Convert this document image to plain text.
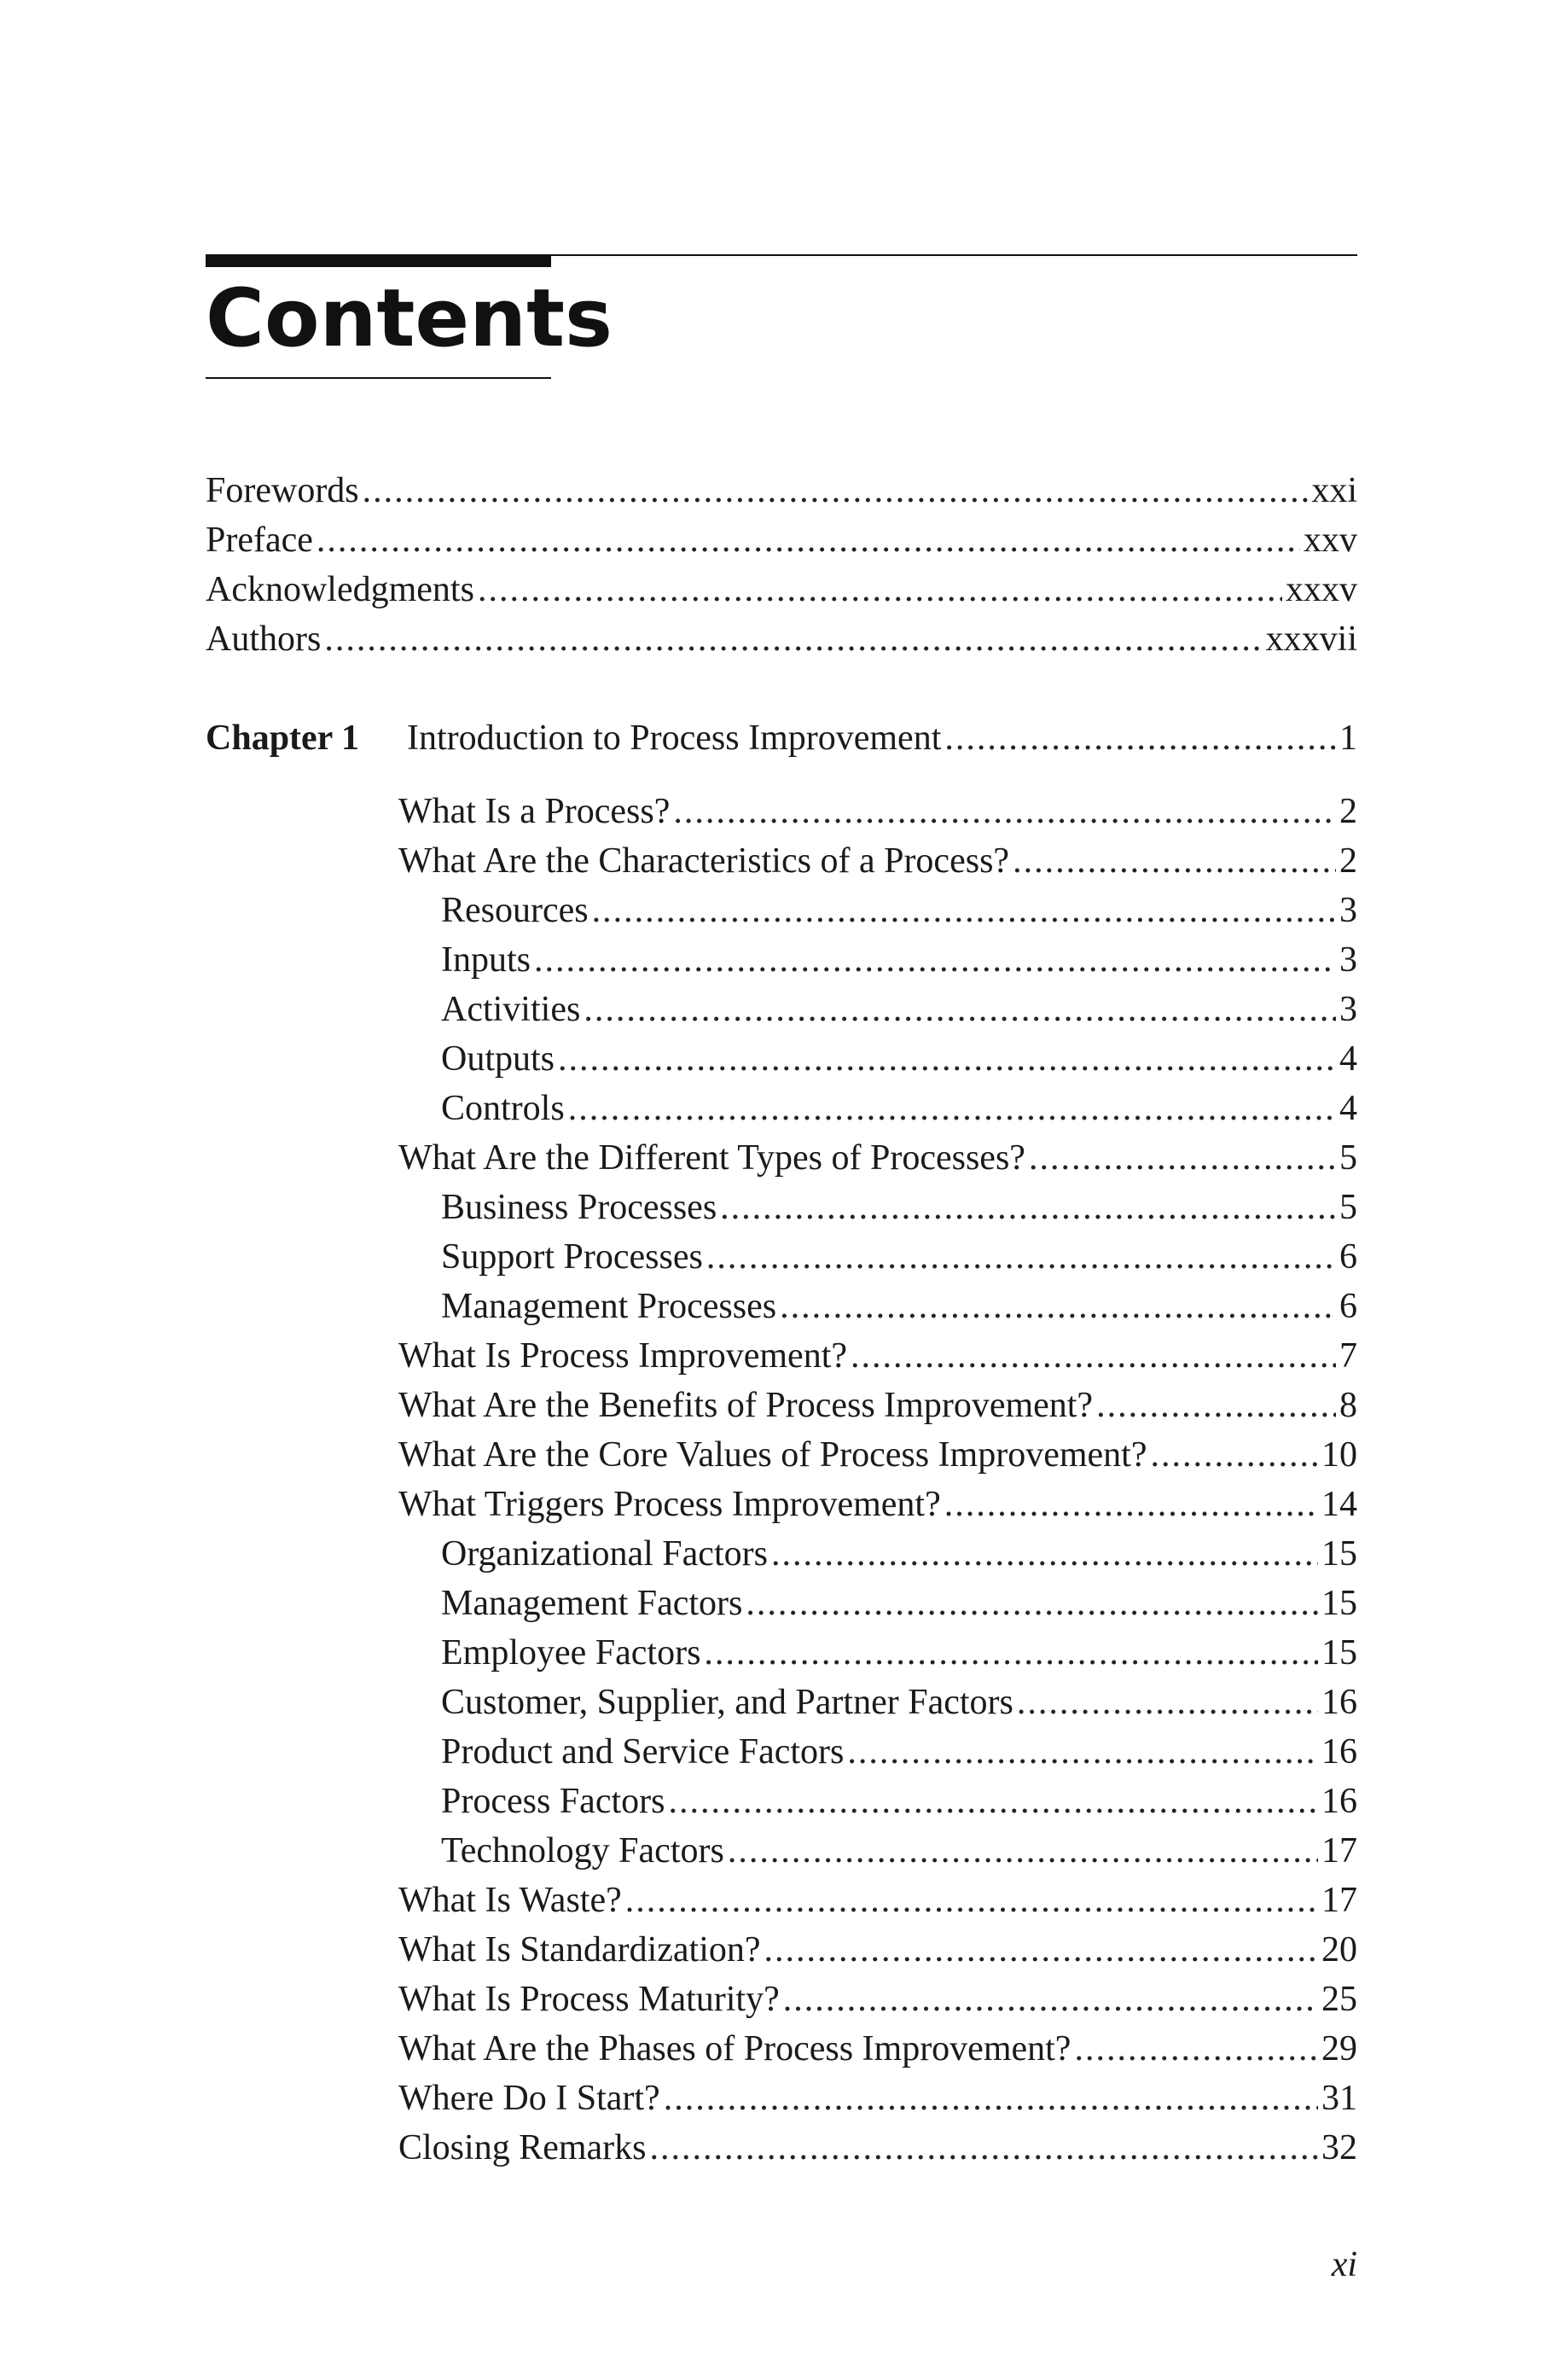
Contents
Forewords .....	xxi
Preface .....	xxv
Acknowledgments .....	xxxv
Authors .....	xxxvii
Chapter 1 Introduction to Process Improvement .....	1
What Is a Process? .....	2
What Are the Characteristics of a Process? .....	2
Resources .....	3
Inputs .....	3
Activities .....	3
Outputs .....	4
Controls .....	4
What Are the Different Types of Processes? .....	5
Business Processes .....	5
Support Processes .....	6
Management Processes .....	6
What Is Process Improvement? .....	7
What Are the Benefits of Process Improvement? .....	8
What Are the Core Values of Process Improvement? .....	10
What Triggers Process Improvement? .....	14
Organizational Factors .....	15
Management Factors .....	15
Employee Factors .....	15
Customer, Supplier, and Partner Factors .....	16
Product and Service Factors .....	16
Process Factors .....	16
Technology Factors .....	17
What Is Waste? .....	17
What Is Standardization? .....	20
What Is Process Maturity? .....	25
What Are the Phases of Process Improvement? .....	29
Where Do I Start? .....	31
Closing Remarks .....	32
xi
